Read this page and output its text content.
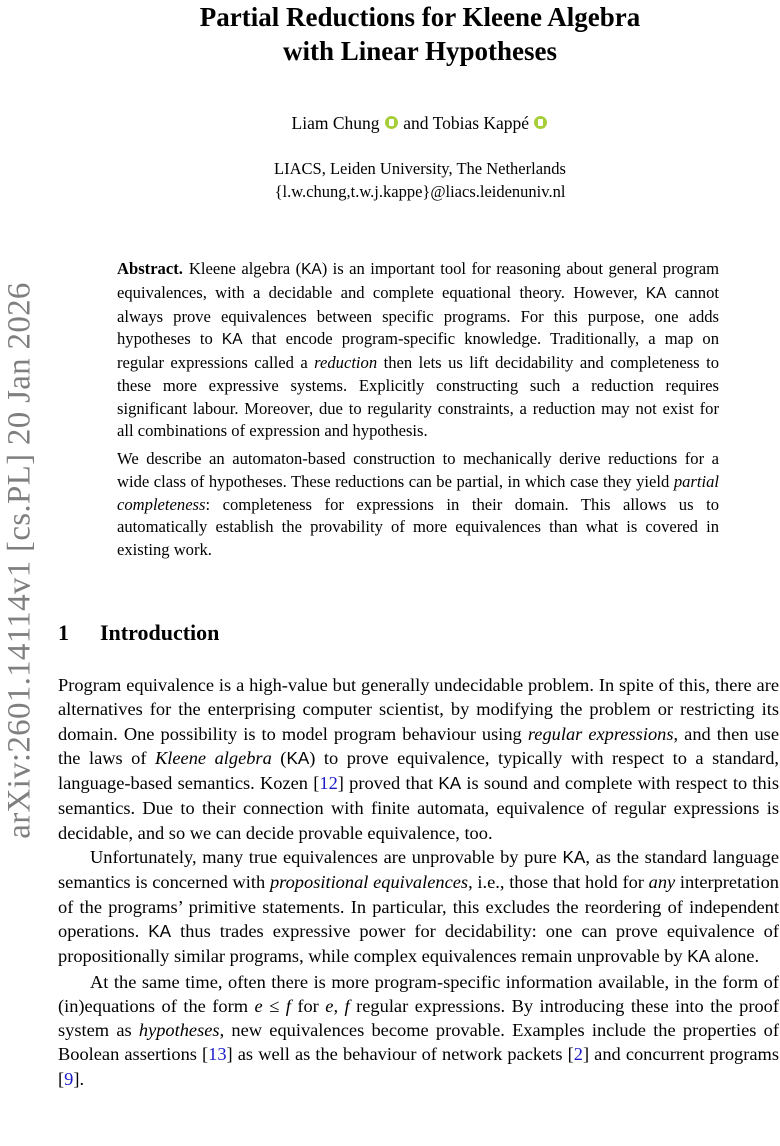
arXiv:2601.14114v1 [cs.PL] 20 Jan 2026
Partial Reductions for Kleene Algebra
with Linear Hypotheses
Liam Chung and Tobias Kappé
LIACS, Leiden University, The Netherlands
{l.w.chung,t.w.j.kappe}@liacs.leidenuniv.nl

Abstract. Kleene algebra (KA) is an important tool for reasoning about general program equivalences, with a decidable and complete equational theory. However, KA cannot always prove equivalences between specific programs. For this purpose, one adds hypotheses to KA that encode program-specific knowledge. Traditionally, a map on regular expressions called a reduction then lets us lift decidability and completeness to these more expressive systems. Explicitly constructing such a reduction requires significant labour. Moreover, due to regularity constraints, a reduction may not exist for all combinations of expression and hypothesis.

We describe an automaton-based construction to mechanically derive reductions for a wide class of hypotheses. These reductions can be partial, in which case they yield partial completeness: completeness for expressions in their domain. This allows us to automatically establish the provability of more equivalences than what is covered in existing work.

1 Introduction

Program equivalence is a high-value but generally undecidable problem. In spite of this, there are alternatives for the enterprising computer scientist, by modifying the problem or restricting its domain. One possibility is to model program behaviour using regular expressions, and then use the laws of Kleene algebra (KA) to prove equivalence, typically with respect to a standard, language-based semantics. Kozen [12] proved that KA is sound and complete with respect to this semantics. Due to their connection with finite automata, equivalence of regular expressions is decidable, and so we can decide provable equivalence, too.

Unfortunately, many true equivalences are unprovable by pure KA, as the standard language semantics is concerned with propositional equivalences, i.e., those that hold for any interpretation of the programs’ primitive statements. In particular, this excludes the reordering of independent operations. KA thus trades expressive power for decidability: one can prove equivalence of propositionally similar programs, while complex equivalences remain unprovable by KA alone.

At the same time, often there is more program-specific information available, in the form of (in)equations of the form e ≤ f for e, f regular expressions. By introducing these into the proof system as hypotheses, new equivalences become provable. Examples include the properties of Boolean assertions [13] as well as the behaviour of network packets [2] and concurrent programs [9].
